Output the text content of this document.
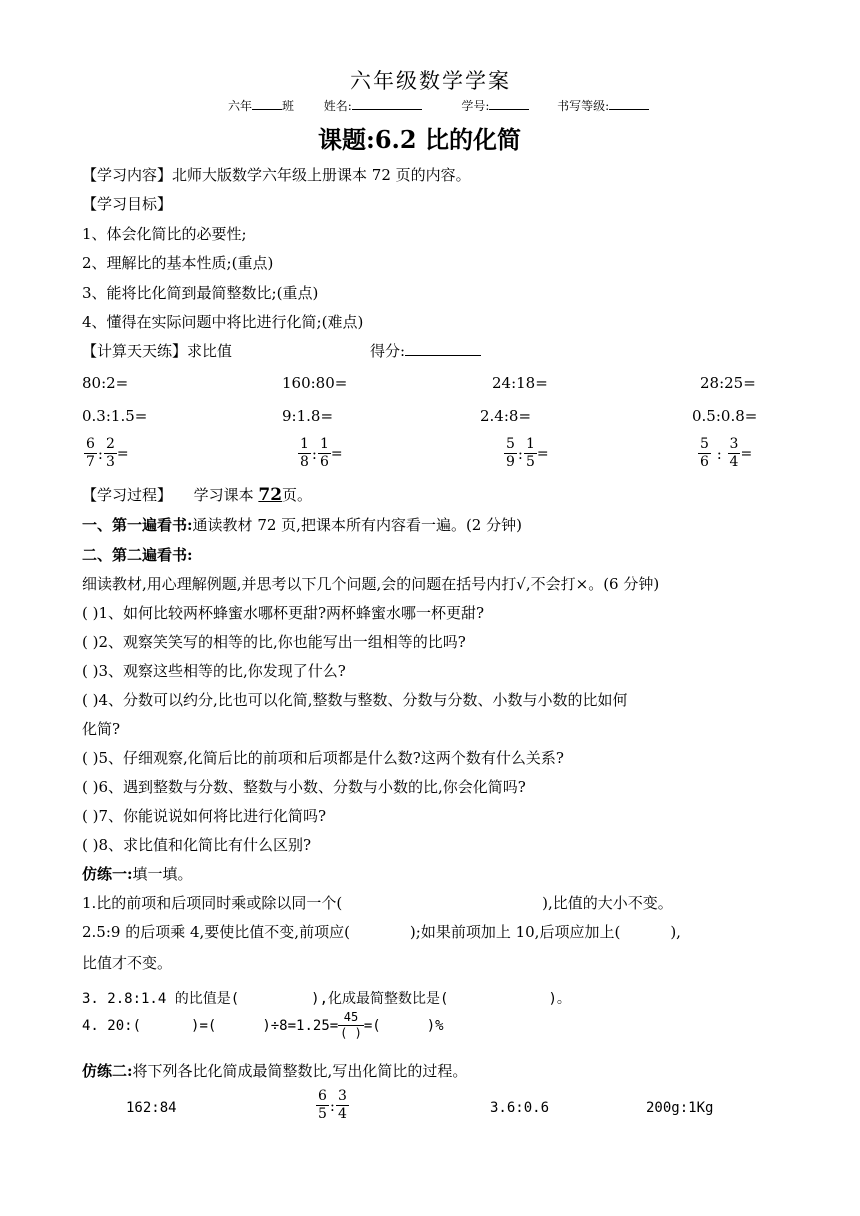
六年级数学学案
六年	班 姓名:	学号:	书写等级:
课题:6.2 比的化简
【学习内容】北师大版数学六年级上册课本 72 页的内容。
【学习目标】
1、体会化简比的必要性;
2、理解比的基本性质;(重点)
3、能将比化简到最简整数比;(重点)
4、懂得在实际问题中将比进行化简;(难点)
【计算天天练】求比值	得分:
80:2=	160:80=	24:18=	28:25=
0.3:1.5=	9:1.8=	2.4:8=	0.5:0.8=
$\frac{6}{7}$ : $\frac{2}{3}$ =	$\frac{1}{8}$ : $\frac{1}{6}$ =	$\frac{5}{9}$ : $\frac{1}{5}$ =	$\frac{5}{6}$ : $\frac{3}{4}$ =
【学习过程】 学习课本 72页。
一、第一遍看书:通读教材 72 页,把课本所有内容看一遍。(2 分钟)
二、第二遍看书:
细读教材,用心理解例题,并思考以下几个问题,会的问题在括号内打√,不会打×。(6 分钟)
( )1、如何比较两杯蜂蜜水哪杯更甜?两杯蜂蜜水哪一杯更甜?
( )2、观察笑笑写的相等的比,你也能写出一组相等的比吗?
( )3、观察这些相等的比,你发现了什么?
( )4、分数可以约分,比也可以化简,整数与整数、分数与分数、小数与小数的比如何
化简?
( )5、仔细观察,化简后比的前项和后项都是什么数?这两个数有什么关系?
( )6、遇到整数与分数、整数与小数、分数与小数的比,你会化简吗?
( )7、你能说说如何将比进行化简吗?
( )8、求比值和化简比有什么区别?
仿练一:填一填。
1.比的前项和后项同时乘或除以同一个(	),比值的大小不变。
2.5:9 的后项乘 4,要使比值不变,前项应(	);如果前项加上 10,后项应加上(	),
比值才不变。
3. 2.8:1.4 的比值是(	),化成最简整数比是(	)。
4. 20:(	)=(	)$\div 8=1.25= \frac{45}{( )}$ =(	)%
仿练二:将下列各比化简成最简整数比,写出化简比的过程。
162:84	$\frac{6}{5}$ : $\frac{3}{4}$	3.6:0.6	200g:1Kg
